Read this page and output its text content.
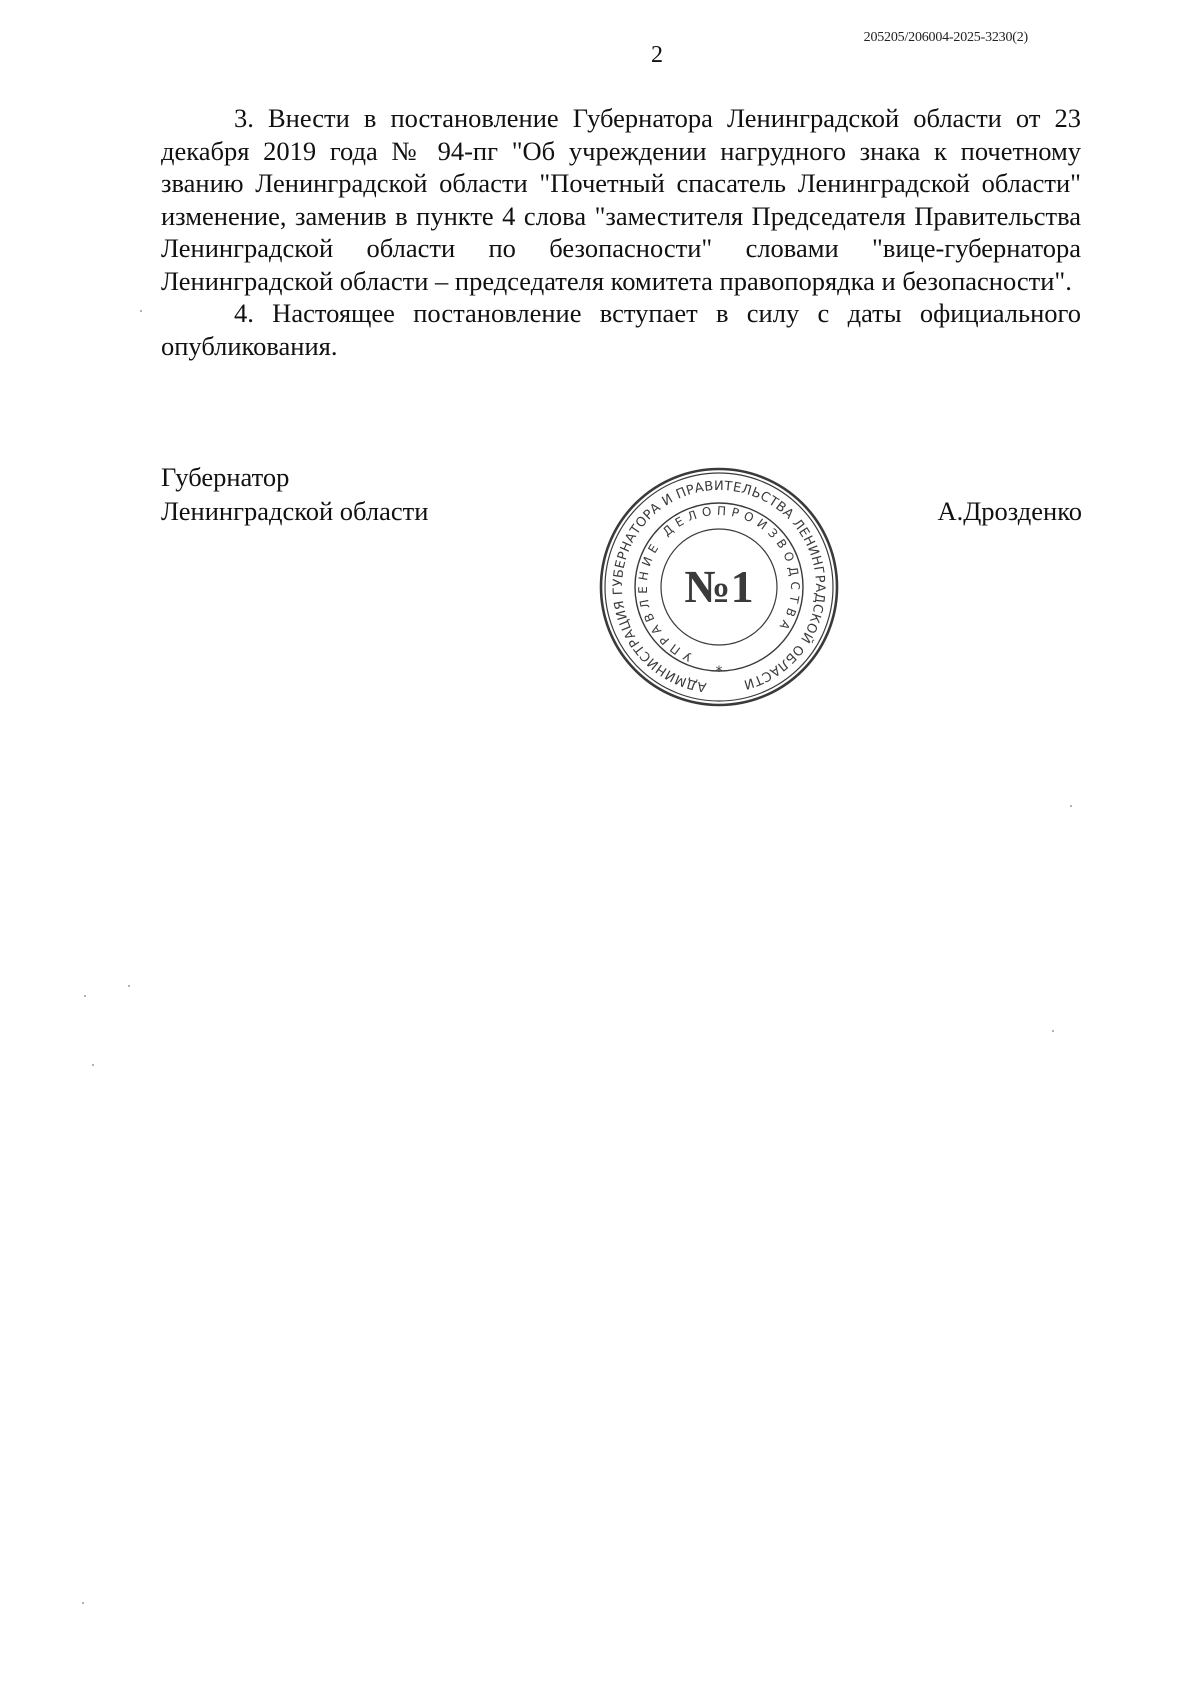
205205/206004-2025-3230(2)
2

3. Внести в постановление Губернатора Ленинградской области от 23 декабря 2019 года № 94-пг "Об учреждении нагрудного знака к почетному званию Ленинградской области "Почетный спасатель Ленинградской области" изменение, заменив в пункте 4 слова "заместителя Председателя Правительства Ленинградской области по безопасности" словами "вице-губернатора Ленинградской области – председателя комитета правопорядка и безопасности".

4. Настоящее постановление вступает в силу с даты официального опубликования.

Губернатор
Ленинградской области	А.Дрозденко
АДМИНИСТРАЦИЯ ГУБЕРНАТОРА И ПРАВИТЕЛЬСТВА ЛЕНИНГРАДСКОЙ ОБЛАСТИ
УПРАВЛЕНИЕ ДЕЛОПРОИЗВОДСТВА
№1
*
